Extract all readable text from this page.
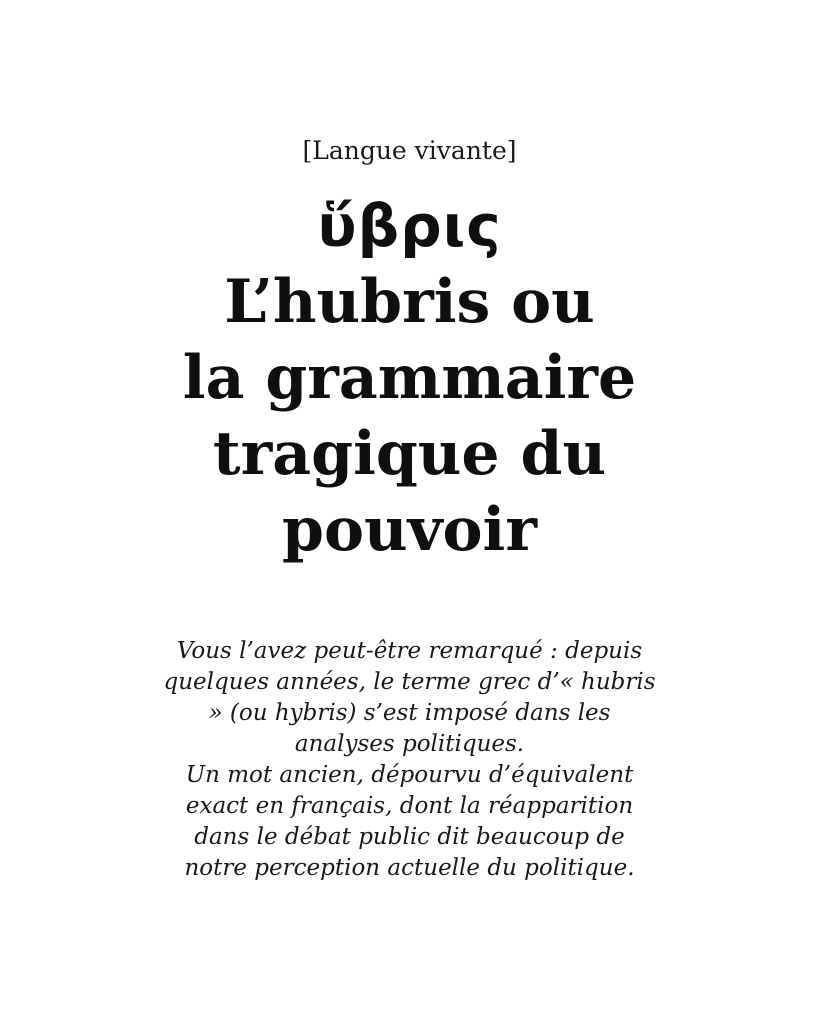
[Langue vivante]
ὕβρις
L’hubris ou
la grammaire
tragique du
pouvoir

Vous l’avez peut-être remarqué : depuis
quelques années, le terme grec d’« hubris
» (ou hybris) s’est imposé dans les
analyses politiques.
Un mot ancien, dépourvu d’équivalent
exact en français, dont la réapparition
dans le débat public dit beaucoup de
notre perception actuelle du politique.
